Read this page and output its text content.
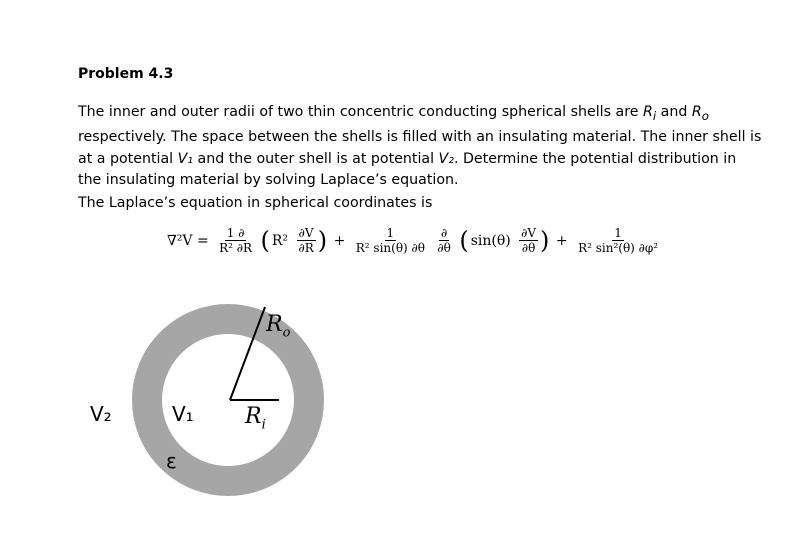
Problem 4.3
The inner and outer radii of two thin concentric conducting spherical shells are $R_i$ and $R_o$
respectively. The space between the shells is filled with an insulating material. The inner shell is
at a potential V₁ and the outer shell is at potential V₂. Determine the potential distribution in
the insulating material by solving Laplace’s equation.
The Laplace’s equation in spherical coordinates is
$\nabla^2V = \frac{1 \partial}{\text{R² ∂R}}$ ( $R^2 \frac{\partial V}{\partial R}$ ) + $\frac{1}{\text{R² sin(θ) ∂θ}}$
$\frac{\partial}{\partial\theta}$ ( $\sin(\theta) \frac{\partial V}{\partial\theta}$ ) + $\frac{1}{\text{R² sin²(θ) ∂φ²}}$
$R_o$
$R_i$
V₂	V₁
ε
